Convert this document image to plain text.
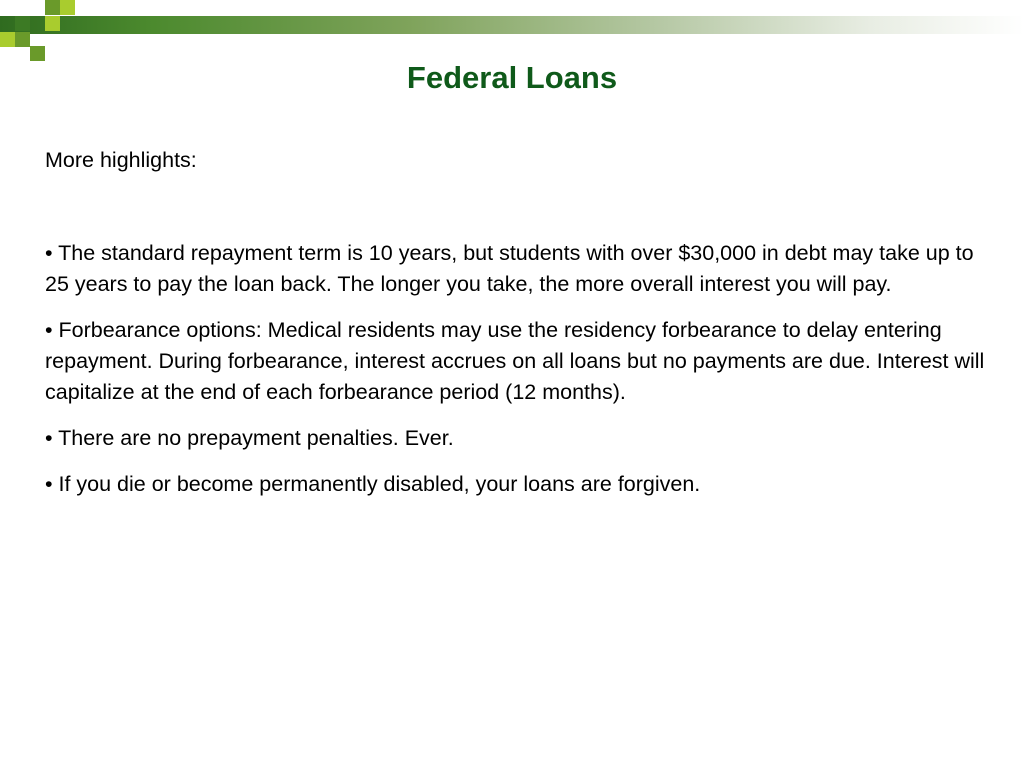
Federal Loans

More highlights:

• The standard repayment term is 10 years, but students with over $30,000 in debt may take up to 25 years to pay the loan back. The longer you take, the more overall interest you will pay.

• Forbearance options: Medical residents may use the residency forbearance to delay entering repayment. During forbearance, interest accrues on all loans but no payments are due. Interest will capitalize at the end of each forbearance period (12 months).

• There are no prepayment penalties. Ever.

• If you die or become permanently disabled, your loans are forgiven.
